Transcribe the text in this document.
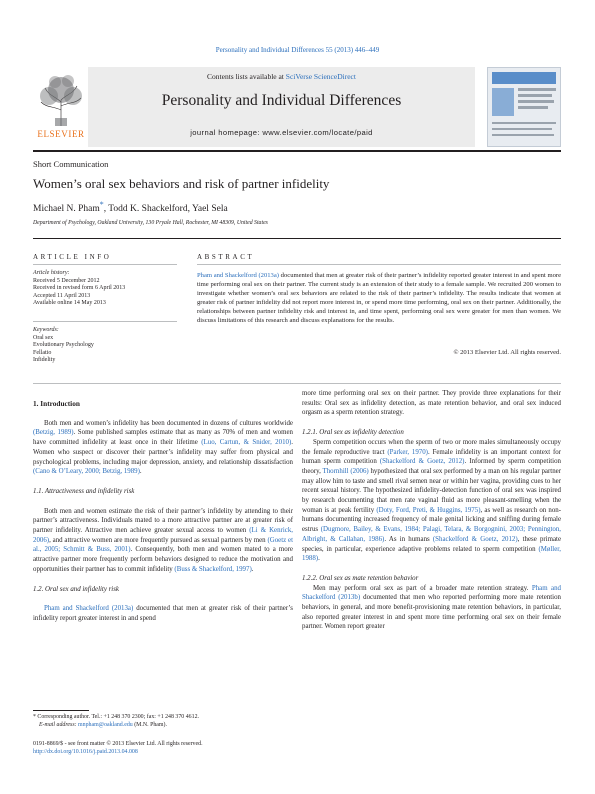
Personality and Individual Differences 55 (2013) 446–449
ELSEVIER
Contents lists available at SciVerse ScienceDirect
Personality and Individual Differences
journal homepage: www.elsevier.com/locate/paid
Short Communication
Women’s oral sex behaviors and risk of partner infidelity
Michael N. Pham*, Todd K. Shackelford, Yael Sela
Department of Psychology, Oakland University, 130 Pryale Hall, Rochester, MI 48309, United States
ARTICLE INFO
Article history:
Received 5 December 2012
Received in revised form 6 April 2013
Accepted 11 April 2013
Available online 14 May 2013
Keywords:
Oral sex
Evolutionary Psychology
Fellatio
Infidelity
ABSTRACT
Pham and Shackelford (2013a) documented that men at greater risk of their partner’s infidelity reported greater interest in and spent more time performing oral sex on their partner. The current study is an extension of their study to a female sample. We recruited 200 women to investigate whether women’s oral sex behaviors are related to the risk of their partner’s infidelity. The results indicate that women at greater risk of partner infidelity did not report more interest in, or spend more time performing, oral sex on their partner. Additionally, the relationships between partner infidelity risk and interest in, and time spent, performing oral sex were greater for men than women. We discuss limitations of this research and discuss explanations for the results.
© 2013 Elsevier Ltd. All rights reserved.
1. Introduction

Both men and women’s infidelity has been documented in dozens of cultures worldwide (Betzig, 1989). Some published samples estimate that as many as 70% of men and women have committed infidelity at least once in their lifetime (Luo, Cartun, & Snider, 2010). Women who suspect or discover their partner’s infidelity may suffer from physical and psychological problems, including major depression, anxiety, and relationship dissatisfaction (Cano & O’Leary, 2000; Betzig, 1989).

1.1. Attractiveness and infidelity risk

Both men and women estimate the risk of their partner’s infidelity by attending to their partner’s attractiveness. Individuals mated to a more attractive partner are at greater risk of partner infidelity. Attractive men achieve greater sexual access to women (Li & Kenrick, 2006), and attractive women are more frequently pursued as sexual partners by men (Goetz et al., 2005; Schmitt & Buss, 2001). Consequently, both men and women mated to a more attractive partner more frequently perform behaviors designed to reduce the motivation and opportunities their partner has to commit infidelity (Buss & Shackelford, 1997).

1.2. Oral sex and infidelity risk

Pham and Shackelford (2013a) documented that men at greater risk of their partner’s infidelity report greater interest in and spend

more time performing oral sex on their partner. They provide three explanations for their results: Oral sex as infidelity detection, as mate retention behavior, and oral sex induced orgasm as a sperm retention strategy.

1.2.1. Oral sex as infidelity detection

Sperm competition occurs when the sperm of two or more males simultaneously occupy the female reproductive tract (Parker, 1970). Female infidelity is an important context for human sperm competition (Shackelford & Goetz, 2012). Informed by sperm competition theory, Thornhill (2006) hypothesized that oral sex performed by a man on his regular partner may allow him to taste and smell rival semen near or within her vagina, providing cues to her recent sexual history. The hypothesized infidelity-detection function of oral sex was inspired by research documenting that men rate vaginal fluid as more pleasant-smelling when the woman is at peak fertility (Doty, Ford, Preti, & Huggins, 1975), as well as research on non-humans documenting increased frequency of male genital licking and sniffing during female estrus (Dugmore, Bailey, & Evans, 1984; Palagi, Telara, & Borgognini, 2003; Pennington, Albright, & Callahan, 1986). As in humans (Shackelford & Goetz, 2012), these primate species, in particular, experience adaptive problems related to sperm competition (Møller, 1988).

1.2.2. Oral sex as mate retention behavior

Men may perform oral sex as part of a broader mate retention strategy. Pham and Shackelford (2013b) documented that men who reported performing more mate retention behaviors, in general, and more benefit-provisioning mate retention behaviors, in particular, also reported greater interest in and spent more time performing oral sex on their female partner. Women report greater

* Corresponding author. Tel.: +1 248 370 2300; fax: +1 248 370 4612.
E-mail address: mnpham@oakland.edu (M.N. Pham).
0191-8869/$ - see front matter © 2013 Elsevier Ltd. All rights reserved.
http://dx.doi.org/10.1016/j.paid.2013.04.008
